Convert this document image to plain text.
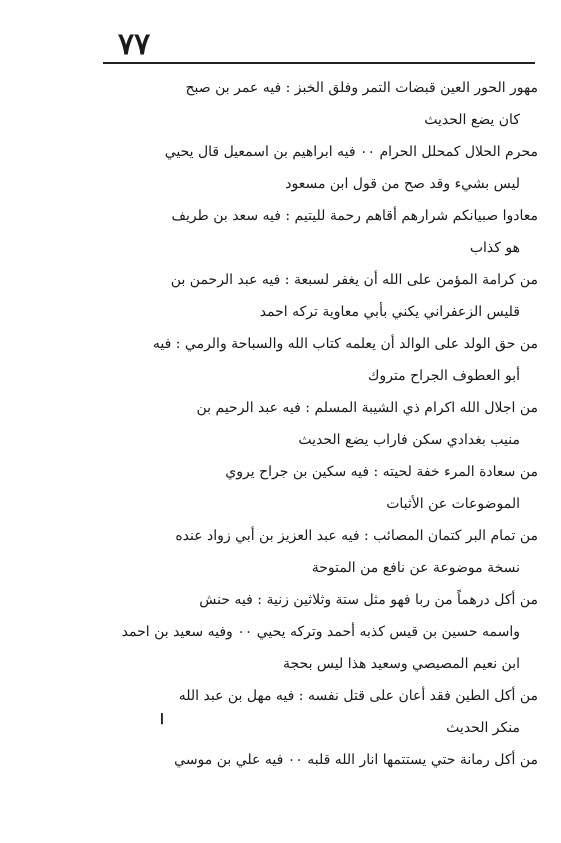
٧٧
مهور الحور العين قبضات التمر وفلق الخبز : فيه عمر بن صبح
كان يضع الحديث
محرم الحلال كمحلل الحرام ٠٠ فيه ابراهيم بن اسمعيل قال يحيي
ليس بشيء وقد صح من قول ابن مسعود
معادوا صبيانكم شرارهم أقاهم رحمة لليتيم : فيه سعد بن طريف
هو كذاب
من كرامة المؤمن على الله أن يغفر لسبعة : فيه عبد الرحمن بن
قليس الزعفراني يكني بأبي معاوية تركه احمد
من حق الولد على الوالد أن يعلمه كتاب الله والسباحة والرمي : فيه
أبو العطوف الجراح متروك
من اجلال الله اكرام ذي الشيبة المسلم : فيه عبد الرحيم بن
منيب بغدادي سكن فاراب يضع الحديث
من سعادة المرء خفة لحيته : فيه سكين بن جراح يروي
الموضوعات عن الأثبات
من تمام البر كتمان المصائب : فيه عبد العزيز بن أبي زواد عنده
نسخة موضوعة عن نافع من المتوحة
من أكل درهماً من ربا فهو مثل ستة وثلاثين زنية : فيه حنش
واسمه حسين بن قيس كذبه أحمد وتركه يحيي ٠٠ وفيه سعيد بن احمد
ابن نعيم المصيصي وسعيد هذا ليس بحجة
من أكل الطين فقد أعان على قتل نفسه : فيه مهل بن عبد الله
منكر الحديث
من أكل رمانة حتي يستتمها انار الله قلبه ٠٠ فيه علي بن موسي
ا
